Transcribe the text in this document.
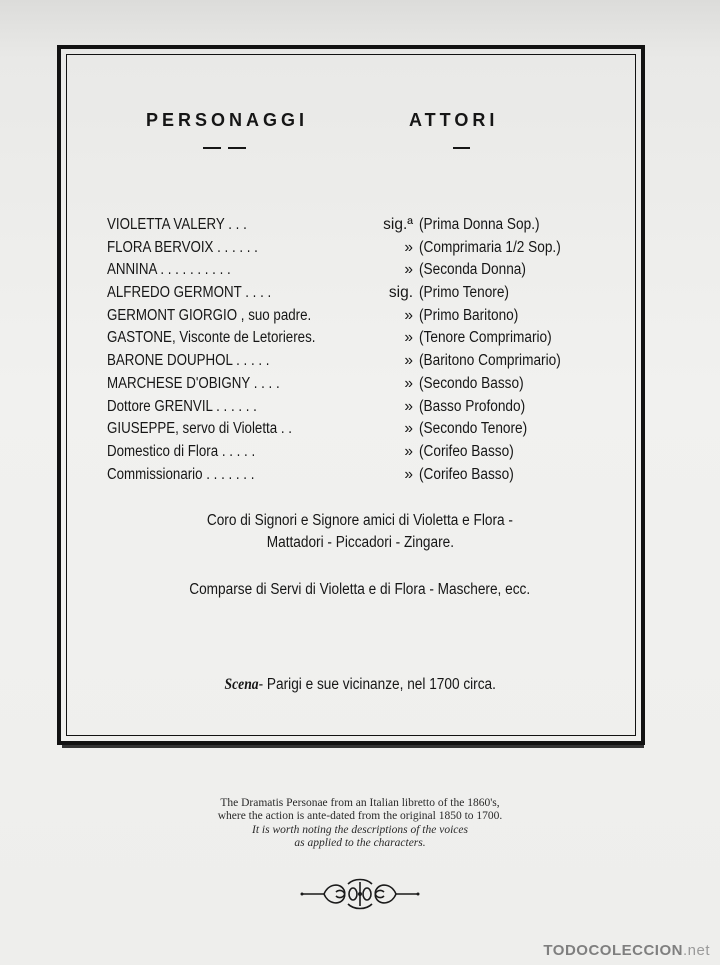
PERSONAGGI	ATTORI
VIOLETTA VALERY . . .	sig.ª (Prima Donna Sop.)
FLORA BERVOIX . . . . . .	» (Comprimaria 1/2 Sop.)
ANNINA . . . . . . . . . .	» (Seconda Donna)
ALFREDO GERMONT . . . .	sig. (Primo Tenore)
GERMONT GIORGIO , suo padre.	» (Primo Baritono)
GASTONE, Visconte de Letorieres.	» (Tenore Comprimario)
BARONE DOUPHOL . . . . .	» (Baritono Comprimario)
MARCHESE D'OBIGNY . . . .	» (Secondo Basso)
Dottore GRENVIL . . . . . .	» (Basso Profondo)
GIUSEPPE, servo di Violetta . .	» (Secondo Tenore)
Domestico di Flora . . . . .	» (Corifeo Basso)
Commissionario . . . . . . .	» (Corifeo Basso)
Coro di Signori e Signore amici di Violetta e Flora -
Mattadori - Piccadori - Zingare.
Comparse di Servi di Violetta e di Flora - Maschere, ecc.
Scena- Parigi e sue vicinanze, nel 1700 circa.
The Dramatis Personae from an Italian libretto of the 1860's,
where the action is ante-dated from the original 1850 to 1700.
It is worth noting the descriptions of the voices
as applied to the characters.
TODOCOLECCION.net
